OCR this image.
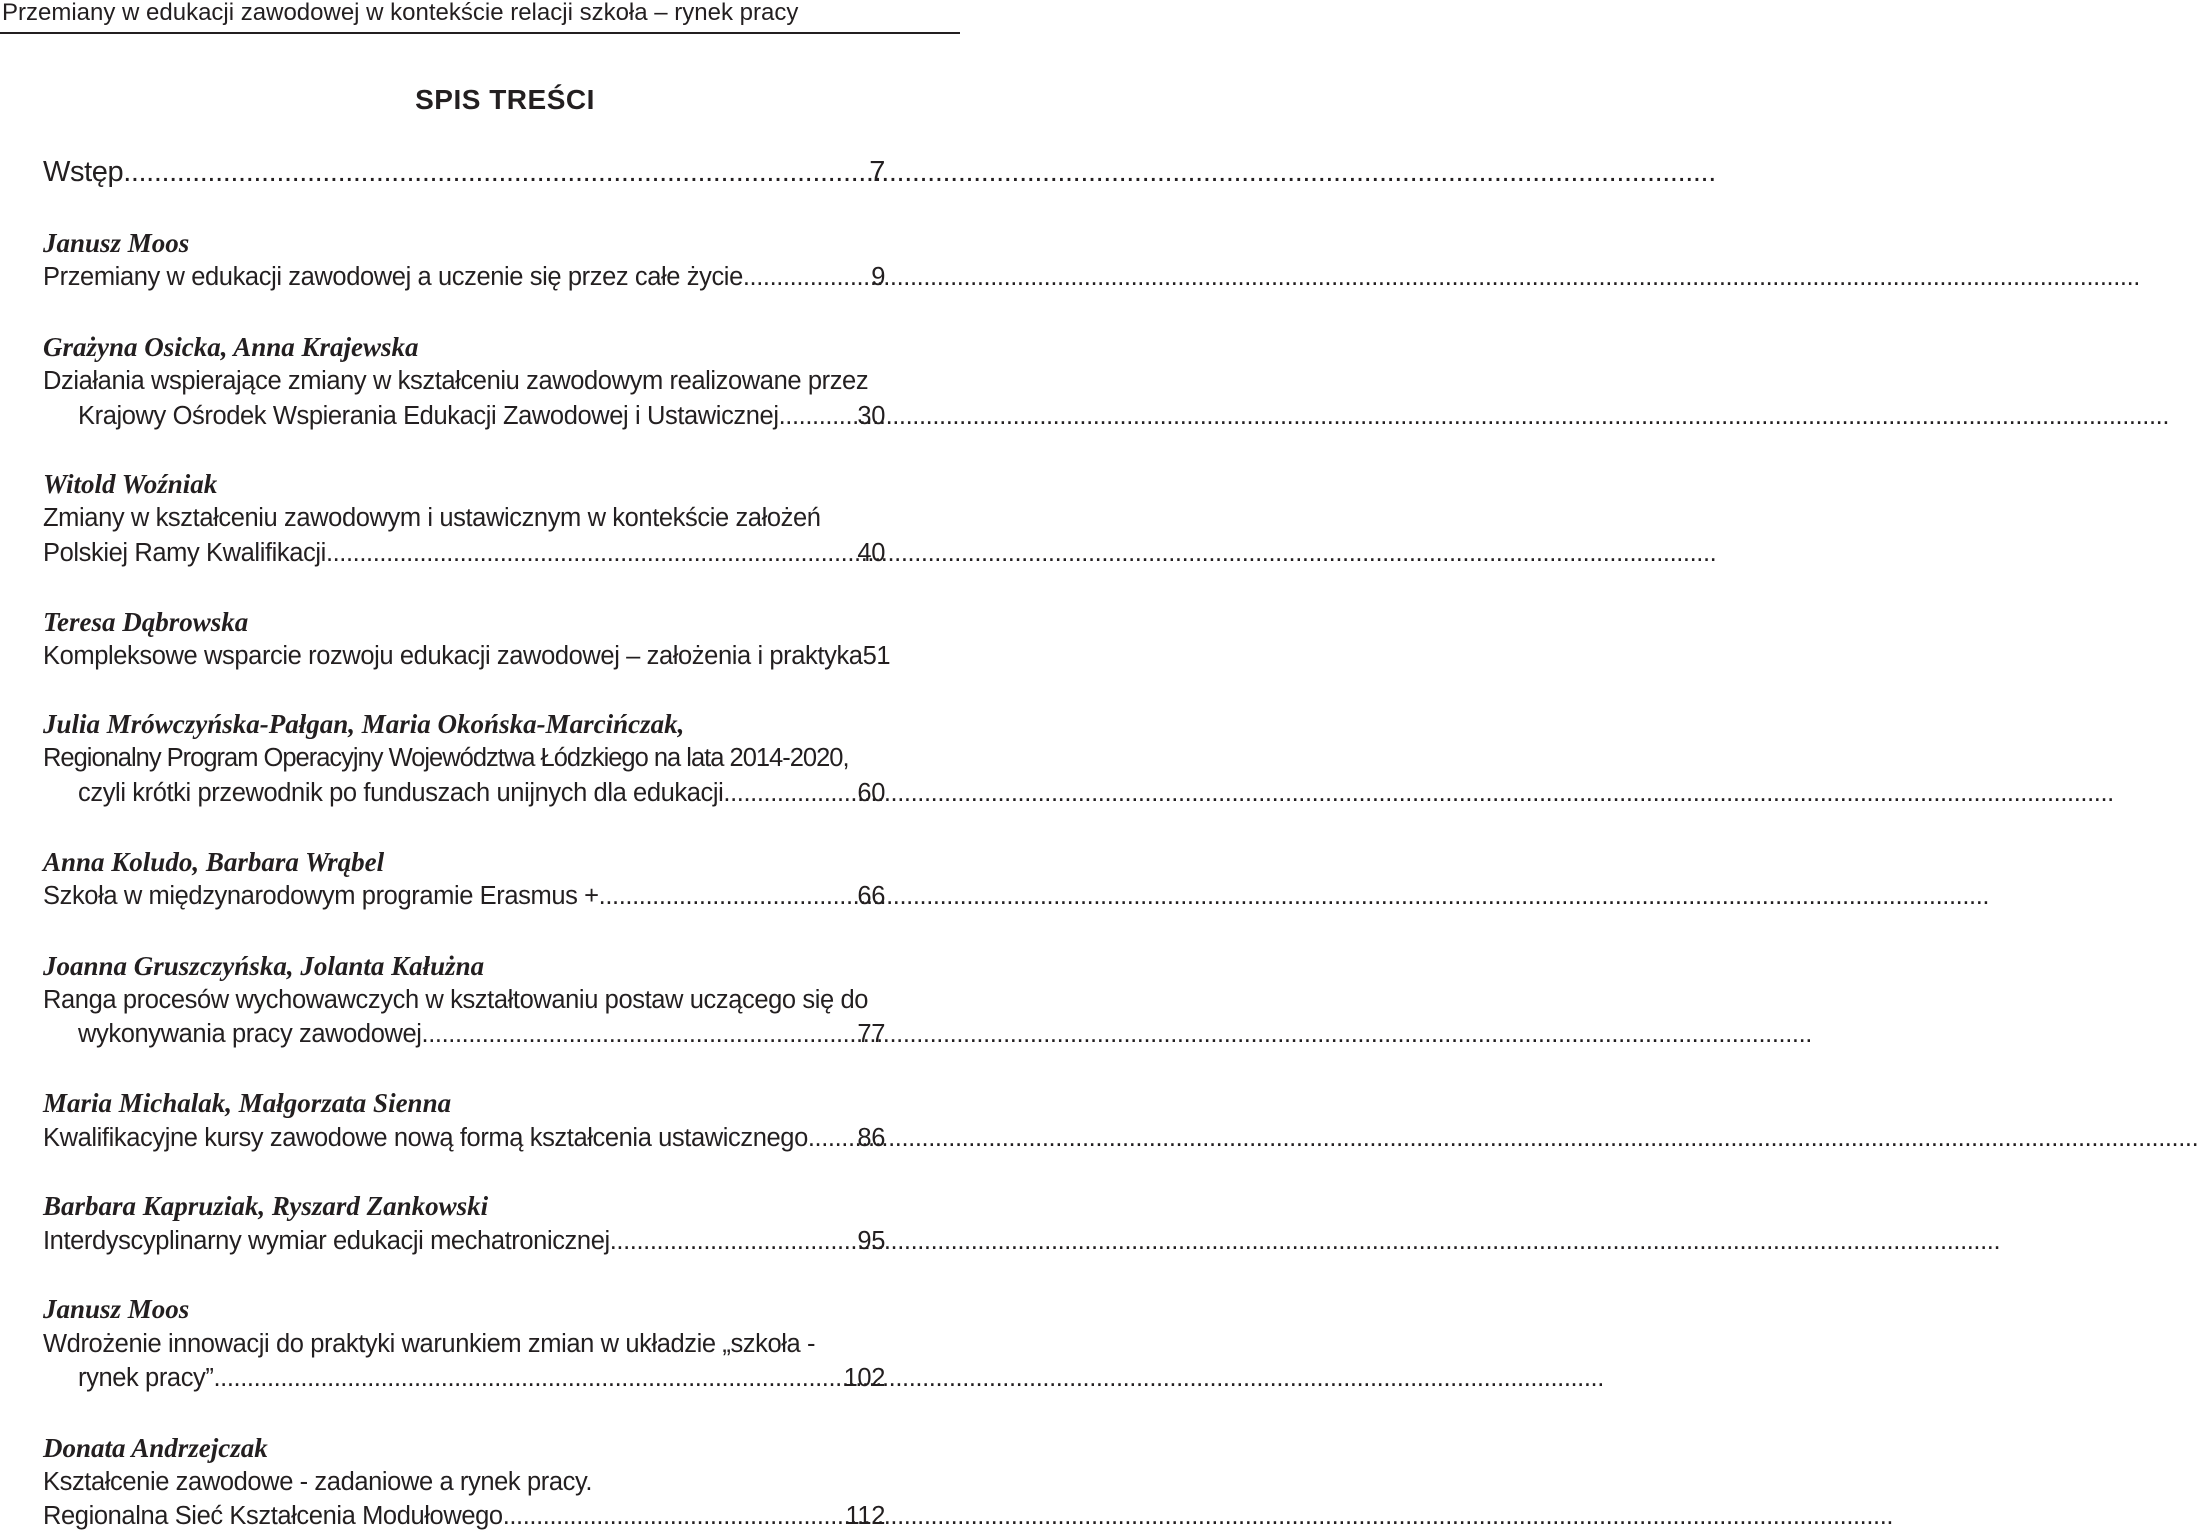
Przemiany w edukacji zawodowej w kontekście relacji szkoła – rynek pracy
SPIS TREŚCI
Wstęp .....	7
Janusz Moos
Przemiany w edukacji zawodowej a uczenie się przez całe życie. .....	9
Grażyna Osicka, Anna Krajewska
Działania wspierające zmiany w kształceniu zawodowym realizowane przez
Krajowy Ośrodek Wspierania Edukacji Zawodowej i Ustawicznej .....	30
Witold Woźniak
Zmiany w kształceniu zawodowym i ustawicznym w kontekście założeń
Polskiej Ramy Kwalifikacji .....	40
Teresa Dąbrowska
Kompleksowe wsparcie rozwoju edukacji zawodowej – założenia i praktyka 51
Julia Mrówczyńska-Pałgan, Maria Okońska-Marcińczak,
Regionalny Program Operacyjny Województwa Łódzkiego na lata 2014-2020,
czyli krótki przewodnik po funduszach unijnych dla edukacji .....	60
Anna Koludo, Barbara Wrąbel
Szkoła w międzynarodowym programie Erasmus + .....	66
Joanna Gruszczyńska, Jolanta Kałużna
Ranga procesów wychowawczych w kształtowaniu postaw uczącego się do
wykonywania pracy zawodowej .....	77
Maria Michalak, Małgorzata Sienna
Kwalifikacyjne kursy zawodowe nową formą kształcenia ustawicznego ..... 86
Barbara Kapruziak, Ryszard Zankowski
Interdyscyplinarny wymiar edukacji mechatronicznej .....	95
Janusz Moos
Wdrożenie innowacji do praktyki warunkiem zmian w układzie „szkoła -
rynek pracy” .....	102
Donata Andrzejczak
Kształcenie zawodowe - zadaniowe a rynek pracy.
Regionalna Sieć Kształcenia Modułowego .....	112
